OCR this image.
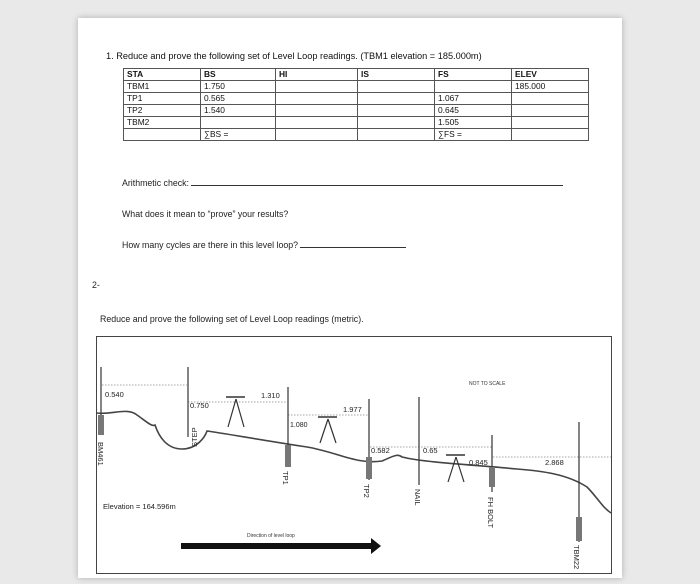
1. Reduce and prove the following set of Level Loop readings. (TBM1 elevation = 185.000m)
STA	BS	HI	IS	FS	ELEV
TBM1	1.750				185.000
TP1	0.565			1.067	
TP2	1.540			0.645	
TBM2				1.505	
	∑BS =			∑FS =	
Arithmetic check:
What does it mean to “prove” your results?
How many cycles are there in this level loop?
2-
Reduce and prove the following set of Level Loop readings (metric).
0.540
0.750
1.310
1.080
1.977
0.582	0.65
0.845	2.868
NOT TO SCALE
BM461
STEP
TP1
TP2	NAIL	FH BOLT
TBM22
Elevation = 164.596m
Direction of level loop
